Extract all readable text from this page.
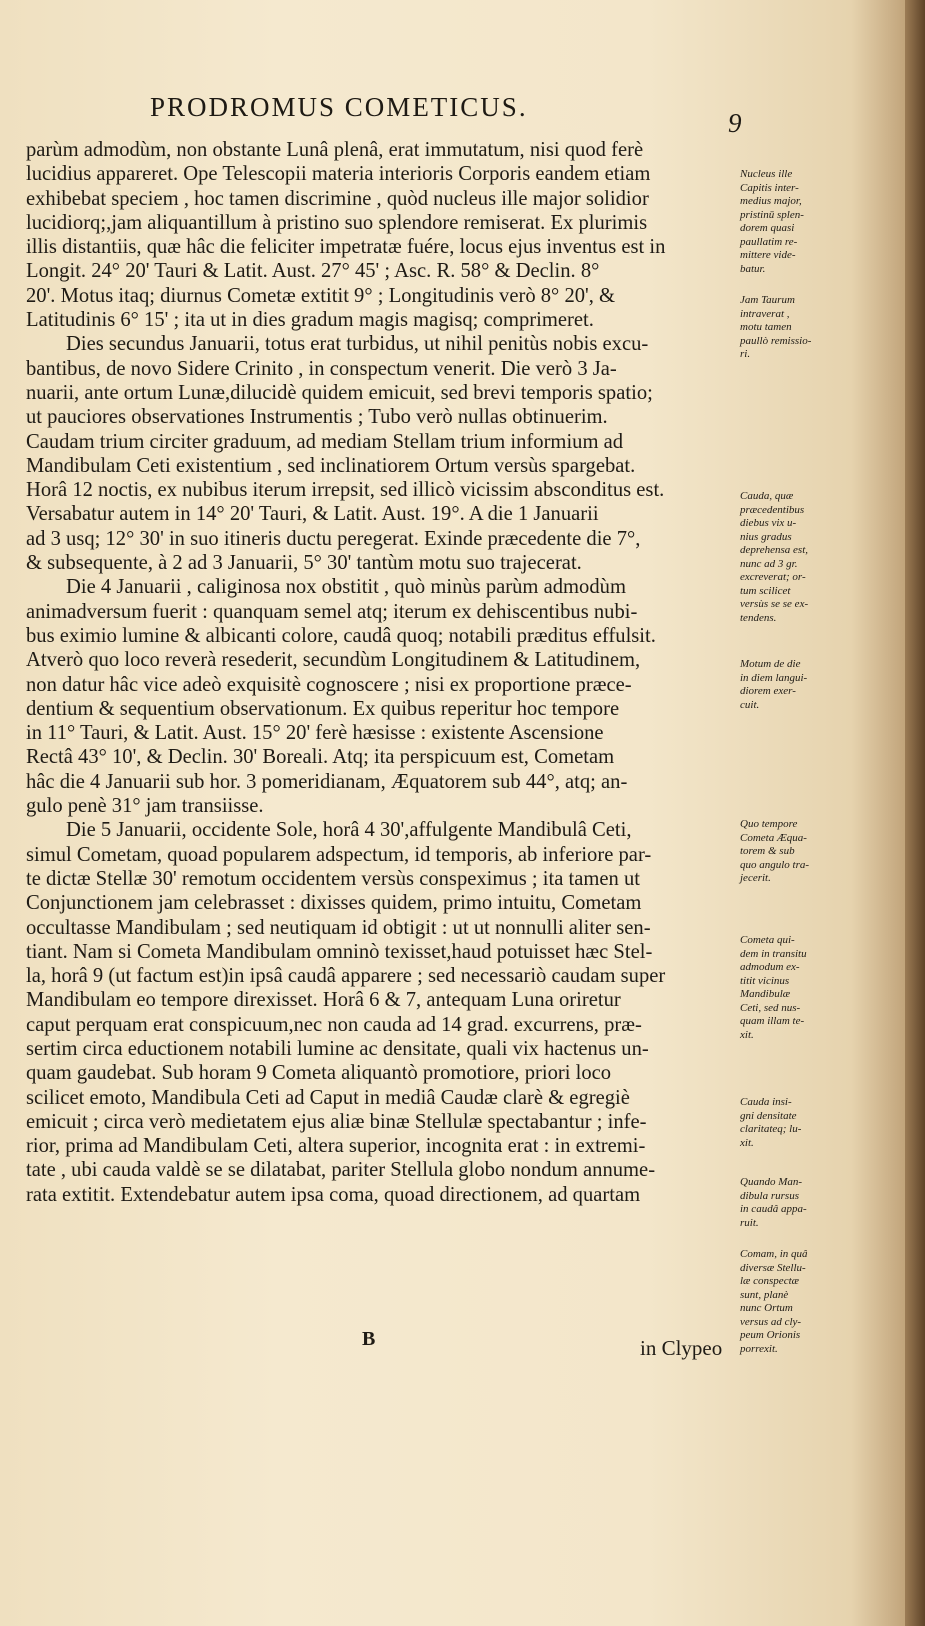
PRODROMUS COMETICUS.
9
parùm admodùm, non obstante Lunâ plenâ, erat immutatum, nisi quod ferè
lucidius appareret. Ope Telescopii materia interioris Corporis eandem etiam
exhibebat speciem , hoc tamen discrimine , quòd nucleus ille major solidior
lucidiorq;,jam aliquantillum à pristino suo splendore remiserat. Ex plurimis
illis distantiis, quæ hâc die feliciter impetratæ fuére, locus ejus inventus est in
Longit. 24° 20' Tauri & Latit. Aust. 27° 45' ; Asc. R. 58° & Declin. 8°
20'. Motus itaq; diurnus Cometæ extitit 9° ; Longitudinis verò 8° 20', &
Latitudinis 6° 15' ; ita ut in dies gradum magis magisq; comprimeret.
Dies secundus Januarii, totus erat turbidus, ut nihil penitùs nobis excu-
bantibus, de novo Sidere Crinito , in conspectum venerit. Die verò 3 Ja-
nuarii, ante ortum Lunæ,dilucidè quidem emicuit, sed brevi temporis spatio;
ut pauciores observationes Instrumentis ; Tubo verò nullas obtinuerim.
Caudam trium circiter graduum, ad mediam Stellam trium informium ad
Mandibulam Ceti existentium , sed inclinatiorem Ortum versùs spargebat.
Horâ 12 noctis, ex nubibus iterum irrepsit, sed illicò vicissim absconditus est.
Versabatur autem in 14° 20' Tauri, & Latit. Aust. 19°. A die 1 Januarii
ad 3 usq; 12° 30' in suo itineris ductu peregerat. Exinde præcedente die 7°,
& subsequente, à 2 ad 3 Januarii, 5° 30' tantùm motu suo trajecerat.
Die 4 Januarii , caliginosa nox obstitit , quò minùs parùm admodùm
animadversum fuerit : quanquam semel atq; iterum ex dehiscentibus nubi-
bus eximio lumine & albicanti colore, caudâ quoq; notabili præditus effulsit.
Atverò quo loco reverà resederit, secundùm Longitudinem & Latitudinem,
non datur hâc vice adeò exquisitè cognoscere ; nisi ex proportione præce-
dentium & sequentium observationum. Ex quibus reperitur hoc tempore
in 11° Tauri, & Latit. Aust. 15° 20' ferè hæsisse : existente Ascensione
Rectâ 43° 10', & Declin. 30' Boreali. Atq; ita perspicuum est, Cometam
hâc die 4 Januarii sub hor. 3 pomeridianam, Æquatorem sub 44°, atq; an-
gulo penè 31° jam transiisse.
Die 5 Januarii, occidente Sole, horâ 4 30',affulgente Mandibulâ Ceti,
simul Cometam, quoad popularem adspectum, id temporis, ab inferiore par-
te dictæ Stellæ 30' remotum occidentem versùs conspeximus ; ita tamen ut
Conjunctionem jam celebrasset : dixisses quidem, primo intuitu, Cometam
occultasse Mandibulam ; sed neutiquam id obtigit : ut ut nonnulli aliter sen-
tiant. Nam si Cometa Mandibulam omninò texisset,haud potuisset hæc Stel-
la, horâ 9 (ut factum est)in ipsâ caudâ apparere ; sed necessariò caudam super
Mandibulam eo tempore direxisset. Horâ 6 & 7, antequam Luna oriretur
caput perquam erat conspicuum,nec non cauda ad 14 grad. excurrens, præ-
sertim circa eductionem notabili lumine ac densitate, quali vix hactenus un-
quam gaudebat. Sub horam 9 Cometa aliquantò promotiore, priori loco
scilicet emoto, Mandibula Ceti ad Caput in mediâ Caudæ clarè & egregiè
emicuit ; circa verò medietatem ejus aliæ binæ Stellulæ spectabantur ; infe-
rior, prima ad Mandibulam Ceti, altera superior, incognita erat : in extremi-
tate , ubi cauda valdè se se dilatabat, pariter Stellula globo nondum annume-
rata extitit. Extendebatur autem ipsa coma, quoad directionem, ad quartam
Nucleus ille
Capitis inter-
medius major,
pristinū splen-
dorem quasi
paullatim re-
mittere vide-
batur.
Jam Taurum
intraverat ,
motu tamen
paullò remissio-
ri.
Cauda, quæ
præcedentibus
diebus vix u-
nius gradus
deprehensa est,
nunc ad 3 gr.
excreverat; or-
tum scilicet
versùs se se ex-
tendens.
Motum de die
in diem langui-
diorem exer-
cuit.
Quo tempore
Cometa Æqua-
torem & sub
quo angulo tra-
jecerit.
Cometa qui-
dem in transitu
admodum ex-
titit vicinus
Mandibulæ
Ceti, sed nus-
quam illam te-
xit.
Cauda insi-
gni densitate
claritateq; lu-
xit.
Quando Man-
dibula rursus
in caudâ appa-
ruit.
Comam, in quâ
diversæ Stellu-
læ conspectæ
sunt, planè
nunc Ortum
versus ad cly-
peum Orionis
porrexit.
B	in Clypeo
